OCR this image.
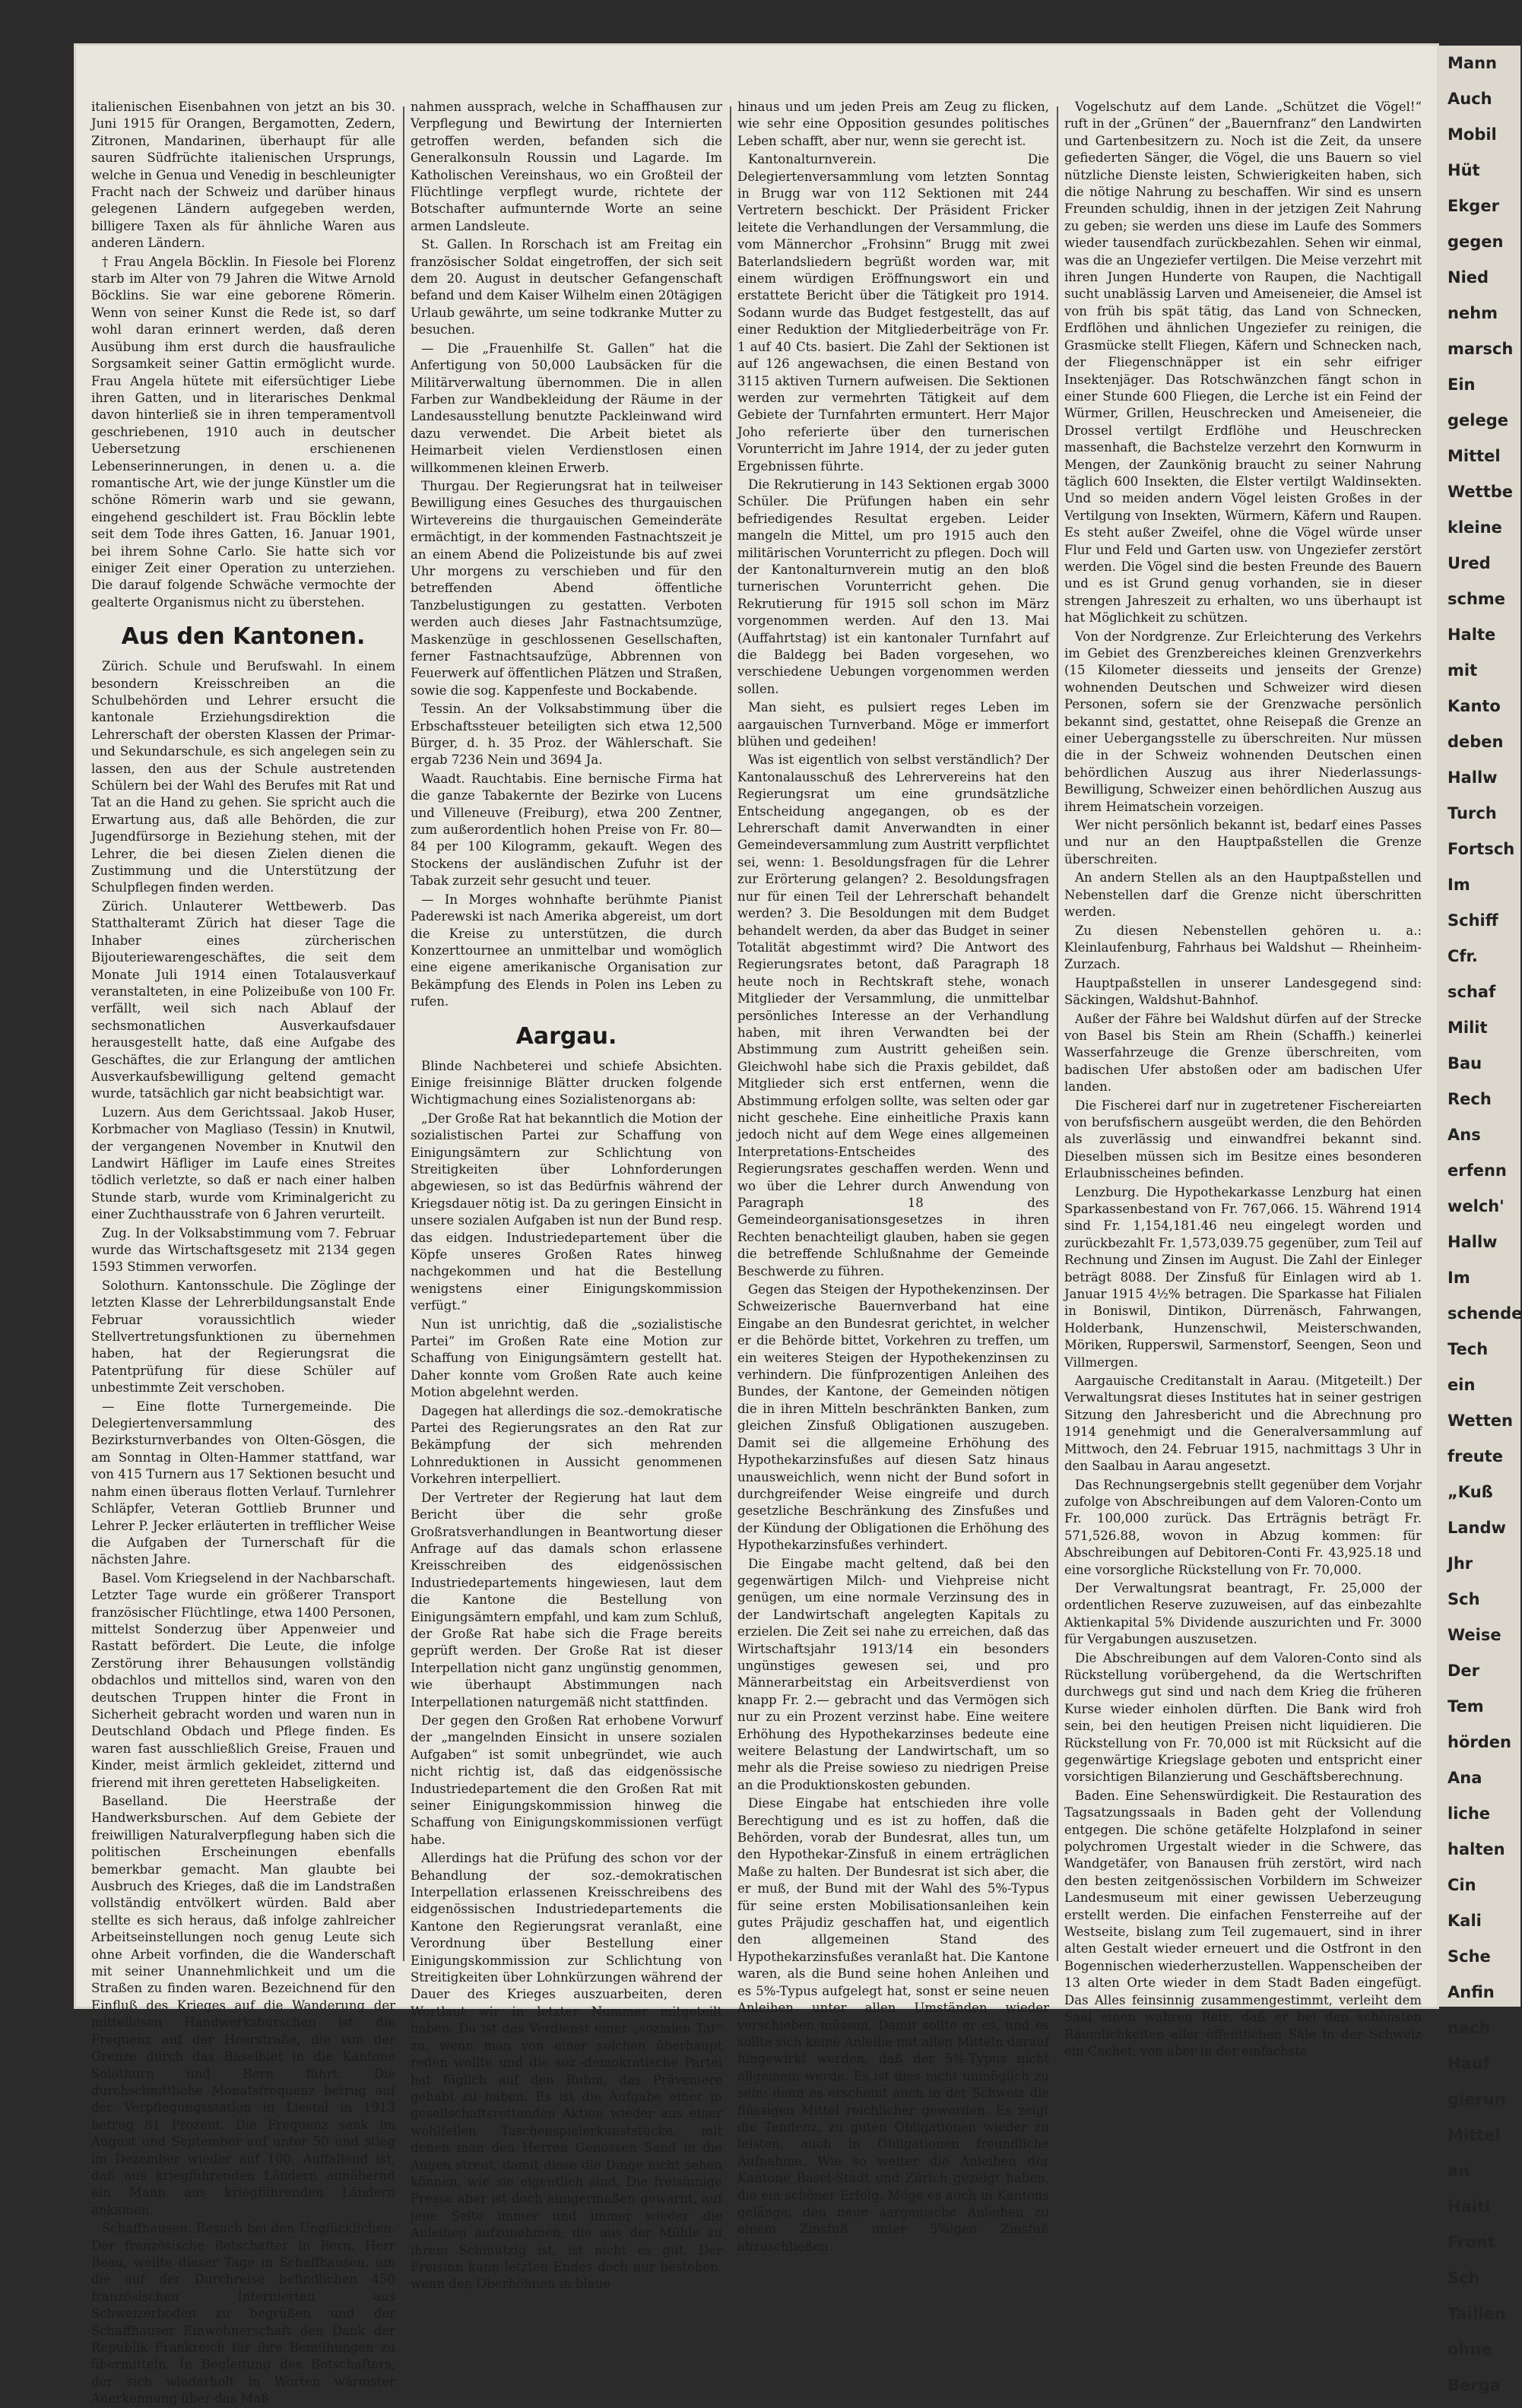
italienischen Eisenbahnen von jetzt an bis 30. Juni 1915 für Orangen, Bergamotten, Zedern, Zitronen, Mandarinen, überhaupt für alle sauren Südfrüchte italienischen Ursprungs, welche in Genua und Venedig in beschleunigter Fracht nach der Schweiz und darüber hinaus gelegenen Ländern aufgegeben werden, billigere Taxen als für ähnliche Waren aus anderen Ländern.

† Frau Angela Böcklin. In Fiesole bei Florenz starb im Alter von 79 Jahren die Witwe Arnold Böcklins. Sie war eine geborene Römerin. Wenn von seiner Kunst die Rede ist, so darf wohl daran erinnert werden, daß deren Ausübung ihm erst durch die hausfrauliche Sorgsamkeit seiner Gattin ermöglicht wurde. Frau Angela hütete mit eifersüchtiger Liebe ihren Gatten, und in literarisches Denkmal davon hinterließ sie in ihren temperamentvoll geschriebenen, 1910 auch in deutscher Uebersetzung erschienenen Lebenserinnerungen, in denen u. a. die romantische Art, wie der junge Künstler um die schöne Römerin warb und sie gewann, eingehend geschildert ist. Frau Böcklin lebte seit dem Tode ihres Gatten, 16. Januar 1901, bei ihrem Sohne Carlo. Sie hatte sich vor einiger Zeit einer Operation zu unterziehen. Die darauf folgende Schwäche vermochte der gealterte Organismus nicht zu überstehen.

Aus den Kantonen.

Zürich. Schule und Berufswahl. In einem besondern Kreisschreiben an die Schulbehörden und Lehrer ersucht die kantonale Erziehungsdirektion die Lehrerschaft der obersten Klassen der Primar- und Sekundarschule, es sich angelegen sein zu lassen, den aus der Schule austretenden Schülern bei der Wahl des Berufes mit Rat und Tat an die Hand zu gehen. Sie spricht auch die Erwartung aus, daß alle Behörden, die zur Jugendfürsorge in Beziehung stehen, mit der Lehrer, die bei diesen Zielen dienen die Zustimmung und die Unterstützung der Schulpflegen finden werden.

Zürich. Unlauterer Wettbewerb. Das Statthalteramt Zürich hat dieser Tage die Inhaber eines zürcherischen Bijouteriewarengeschäftes, die seit dem Monate Juli 1914 einen Totalausverkauf veranstalteten, in eine Polizeibuße von 100 Fr. verfällt, weil sich nach Ablauf der sechsmonatlichen Ausverkaufsdauer herausgestellt hatte, daß eine Aufgabe des Geschäftes, die zur Erlangung der amtlichen Ausverkaufsbewilligung geltend gemacht wurde, tatsächlich gar nicht beabsichtigt war.

Luzern. Aus dem Gerichtssaal. Jakob Huser, Korbmacher von Magliaso (Tessin) in Knutwil, der vergangenen November in Knutwil den Landwirt Häfliger im Laufe eines Streites tödlich verletzte, so daß er nach einer halben Stunde starb, wurde vom Kriminalgericht zu einer Zuchthausstrafe von 6 Jahren verurteilt.

Zug. In der Volksabstimmung vom 7. Februar wurde das Wirtschaftsgesetz mit 2134 gegen 1593 Stimmen verworfen.

Solothurn. Kantonsschule. Die Zöglinge der letzten Klasse der Lehrerbildungsanstalt Ende Februar voraussichtlich wieder Stellvertretungsfunktionen zu übernehmen haben, hat der Regierungsrat die Patentprüfung für diese Schüler auf unbestimmte Zeit verschoben.

— Eine flotte Turnergemeinde. Die Delegiertenversammlung des Bezirksturnverbandes von Olten-Gösgen, die am Sonntag in Olten-Hammer stattfand, war von 415 Turnern aus 17 Sektionen besucht und nahm einen überaus flotten Verlauf. Turnlehrer Schläpfer, Veteran Gottlieb Brunner und Lehrer P. Jecker erläuterten in trefflicher Weise die Aufgaben der Turnerschaft für die nächsten Jahre.

Basel. Vom Kriegselend in der Nachbarschaft. Letzter Tage wurde ein größerer Transport französischer Flüchtlinge, etwa 1400 Personen, mittelst Sonderzug über Appenweier und Rastatt befördert. Die Leute, die infolge Zerstörung ihrer Behausungen vollständig obdachlos und mittellos sind, waren von den deutschen Truppen hinter die Front in Sicherheit gebracht worden und waren nun in Deutschland Obdach und Pflege finden. Es waren fast ausschließlich Greise, Frauen und Kinder, meist ärmlich gekleidet, zitternd und frierend mit ihren geretteten Habseligkeiten.

Baselland. Die Heerstraße der Handwerksburschen. Auf dem Gebiete der freiwilligen Naturalverpflegung haben sich die politischen Erscheinungen ebenfalls bemerkbar gemacht. Man glaubte bei Ausbruch des Krieges, daß die im Landstraßen vollständig entvölkert würden. Bald aber stellte es sich heraus, daß infolge zahlreicher Arbeitseinstellungen noch genug Leute sich ohne Arbeit vorfinden, die die Wanderschaft mit seiner Unannehmlichkeit und um die Straßen zu finden waren. Bezeichnend für den Einfluß des Krieges auf die Wanderung der mittellosen Handwerksburschen ist die Frequenz auf der Heerstraße, die von der Grenze durch das Baselbiet in die Kantone Solothurn und Bern führt. Die durchschnittliche Monatsfrequenz betrug auf der Verpflegungsstation in Liestal in 1913 betrug 81 Prozent. Die Frequenz sank im August und September auf unter 50 und stieg im Dezember wieder auf 100. Auffallend ist, daß aus kriegführenden Ländern annähernd ein Mann aus kriegführenden Ländern ankamen.

Schaffhausen. Besuch bei den Unglücklichen. Der französische Botschafter in Bern, Herr Beau, weilte dieser Tage in Schaffhausen, um die auf der Durchreise befindlichen 450 französischen Internierten aus Schweizerboden zu begrüßen und der Schaffhauser Einwohnerschaft den Dank der Republik Frankreich für ihre Bemühungen zu übermitteln. In Begleitung des Botschafters, der sich wiederholt in Worten wärmster Anerkennung über das Maß

nahmen aussprach, welche in Schaffhausen zur Verpflegung und Bewirtung der Internierten getroffen werden, befanden sich die Generalkonsuln Roussin und Lagarde. Im Katholischen Vereinshaus, wo ein Großteil der Flüchtlinge verpflegt wurde, richtete der Botschafter aufmunternde Worte an seine armen Landsleute.

St. Gallen. In Rorschach ist am Freitag ein französischer Soldat eingetroffen, der sich seit dem 20. August in deutscher Gefangenschaft befand und dem Kaiser Wilhelm einen 20tägigen Urlaub gewährte, um seine todkranke Mutter zu besuchen.

— Die „Frauenhilfe St. Gallen“ hat die Anfertigung von 50,000 Laubsäcken für die Militärverwaltung übernommen. Die in allen Farben zur Wandbekleidung der Räume in der Landesausstellung benutzte Packleinwand wird dazu verwendet. Die Arbeit bietet als Heimarbeit vielen Verdienstlosen einen willkommenen kleinen Erwerb.

Thurgau. Der Regierungsrat hat in teilweiser Bewilligung eines Gesuches des thurgauischen Wirtevereins die thurgauischen Gemeinderäte ermächtigt, in der kommenden Fastnachtszeit je an einem Abend die Polizeistunde bis auf zwei Uhr morgens zu verschieben und für den betreffenden Abend öffentliche Tanzbelustigungen zu gestatten. Verboten werden auch dieses Jahr Fastnachtsumzüge, Maskenzüge in geschlossenen Gesellschaften, ferner Fastnachtsaufzüge, Abbrennen von Feuerwerk auf öffentlichen Plätzen und Straßen, sowie die sog. Kappenfeste und Bockabende.

Tessin. An der Volksabstimmung über die Erbschaftssteuer beteiligten sich etwa 12,500 Bürger, d. h. 35 Proz. der Wählerschaft. Sie ergab 7236 Nein und 3694 Ja.

Waadt. Rauchtabis. Eine bernische Firma hat die ganze Tabakernte der Bezirke von Lucens und Villeneuve (Freiburg), etwa 200 Zentner, zum außerordentlich hohen Preise von Fr. 80—84 per 100 Kilogramm, gekauft. Wegen des Stockens der ausländischen Zufuhr ist der Tabak zurzeit sehr gesucht und teuer.

— In Morges wohnhafte berühmte Pianist Paderewski ist nach Amerika abgereist, um dort die Kreise zu unterstützen, die durch Konzerttournee an unmittelbar und womöglich eine eigene amerikanische Organisation zur Bekämpfung des Elends in Polen ins Leben zu rufen.

Aargau.

Blinde Nachbeterei und schiefe Absichten. Einige freisinnige Blätter drucken folgende Wichtigmachung eines Sozialistenorgans ab:

„Der Große Rat hat bekanntlich die Motion der sozialistischen Partei zur Schaffung von Einigungsämtern zur Schlichtung von Streitigkeiten über Lohnforderungen abgewiesen, so ist das Bedürfnis während der Kriegsdauer nötig ist. Da zu geringen Einsicht in unsere sozialen Aufgaben ist nun der Bund resp. das eidgen. Industriedepartement über die Köpfe unseres Großen Rates hinweg nachgekommen und hat die Bestellung wenigstens einer Einigungskommission verfügt.“

Nun ist unrichtig, daß die „sozialistische Partei“ im Großen Rate eine Motion zur Schaffung von Einigungsämtern gestellt hat. Daher konnte vom Großen Rate auch keine Motion abgelehnt werden.

Dagegen hat allerdings die soz.-demokratische Partei des Regierungsrates an den Rat zur Bekämpfung der sich mehrenden Lohnreduktionen in Aussicht genommenen Vorkehren interpelliert.

Der Vertreter der Regierung hat laut dem Bericht über die sehr große Großratsverhandlungen in Beantwortung dieser Anfrage auf das damals schon erlassene Kreisschreiben des eidgenössischen Industriedepartements hingewiesen, laut dem die Kantone die Bestellung von Einigungsämtern empfahl, und kam zum Schluß, der Große Rat habe sich die Frage bereits geprüft werden. Der Große Rat ist dieser Interpellation nicht ganz ungünstig genommen, wie überhaupt Abstimmungen nach Interpellationen naturgemäß nicht stattfinden.

Der gegen den Großen Rat erhobene Vorwurf der „mangelnden Einsicht in unsere sozialen Aufgaben“ ist somit unbegründet, wie auch nicht richtig ist, daß das eidgenössische Industriedepartement die den Großen Rat mit seiner Einigungskommission hinweg die Schaffung von Einigungskommissionen verfügt habe.

Allerdings hat die Prüfung des schon vor der Behandlung der soz.-demokratischen Interpellation erlassenen Kreisschreibens des eidgenössischen Industriedepartements die Kantone den Regierungsrat veranlaßt, eine Verordnung über Bestellung einer Einigungskommission zur Schlichtung von Streitigkeiten über Lohnkürzungen während der Dauer des Krieges auszuarbeiten, deren Wortlaut wir in letzter Nummer mitgeteilt haben. Da ist das Verdienst einer „sozialen Tat“ zu, wenn man von einer solchen überhaupt reden wollte und die soz.-demokratische Partei hat füglich auf den Ruhm, das Präveniere gehabt zu haben. Es ist die Aufgabe einer in gesellschaftsrettenden Aktion wieder aus einer wohlfeilen Taschenspielerkunststücke, mit denen man den Herren Genossen Sand in die Augen streut, damit diese die Dinge nicht sehen können, wie sie eigentlich sind. Die freisinnige Presse aber ist doch einigermaßen gewarnt, auf jene Seite immer und immer wieder die Anleihen aufzunehmen, die aus der Mühle zu ihrem Schmutzig ist, ist nicht es gut. Der Freisinn kann letzten Endes doch nur bestehen, wenn den Oberhöhnen in blaue

hinaus und um jeden Preis am Zeug zu flicken, wie sehr eine Opposition gesundes politisches Leben schafft, aber nur, wenn sie gerecht ist.

Kantonalturnverein. Die Delegiertenversammlung vom letzten Sonntag in Brugg war von 112 Sektionen mit 244 Vertretern beschickt. Der Präsident Fricker leitete die Verhandlungen der Versammlung, die vom Männerchor „Frohsinn“ Brugg mit zwei Baterlandsliedern begrüßt worden war, mit einem würdigen Eröffnungswort ein und erstattete Bericht über die Tätigkeit pro 1914. Sodann wurde das Budget festgestellt, das auf einer Reduktion der Mitgliederbeiträge von Fr. 1 auf 40 Cts. basiert. Die Zahl der Sektionen ist auf 126 angewachsen, die einen Bestand von 3115 aktiven Turnern aufweisen. Die Sektionen werden zur vermehrten Tätigkeit auf dem Gebiete der Turnfahrten ermuntert. Herr Major Joho referierte über den turnerischen Vorunterricht im Jahre 1914, der zu jeder guten Ergebnissen führte.

Die Rekrutierung in 143 Sektionen ergab 3000 Schüler. Die Prüfungen haben ein sehr befriedigendes Resultat ergeben. Leider mangeln die Mittel, um pro 1915 auch den militärischen Vorunterricht zu pflegen. Doch will der Kantonalturnverein mutig an den bloß turnerischen Vorunterricht gehen. Die Rekrutierung für 1915 soll schon im März vorgenommen werden. Auf den 13. Mai (Auffahrtstag) ist ein kantonaler Turnfahrt auf die Baldegg bei Baden vorgesehen, wo verschiedene Uebungen vorgenommen werden sollen.

Man sieht, es pulsiert reges Leben im aargauischen Turnverband. Möge er immerfort blühen und gedeihen!

Was ist eigentlich von selbst verständlich? Der Kantonalausschuß des Lehrervereins hat den Regierungsrat um eine grundsätzliche Entscheidung angegangen, ob es der Lehrerschaft damit Anverwandten in einer Gemeindeversammlung zum Austritt verpflichtet sei, wenn: 1. Besoldungsfragen für die Lehrer zur Erörterung gelangen? 2. Besoldungsfragen nur für einen Teil der Lehrerschaft behandelt werden? 3. Die Besoldungen mit dem Budget behandelt werden, da aber das Budget in seiner Totalität abgestimmt wird? Die Antwort des Regierungsrates betont, daß Paragraph 18 heute noch in Rechtskraft stehe, wonach Mitglieder der Versammlung, die unmittelbar persönliches Interesse an der Verhandlung haben, mit ihren Verwandten bei der Abstimmung zum Austritt geheißen sein. Gleichwohl habe sich die Praxis gebildet, daß Mitglieder sich erst entfernen, wenn die Abstimmung erfolgen sollte, was selten oder gar nicht geschehe. Eine einheitliche Praxis kann jedoch nicht auf dem Wege eines allgemeinen Interpretations-Entscheides des Regierungsrates geschaffen werden. Wenn und wo über die Lehrer durch Anwendung von Paragraph 18 des Gemeindeorganisationsgesetzes in ihren Rechten benachteiligt glauben, haben sie gegen die betreffende Schlußnahme der Gemeinde Beschwerde zu führen.

Gegen das Steigen der Hypothekenzinsen. Der Schweizerische Bauernverband hat eine Eingabe an den Bundesrat gerichtet, in welcher er die Behörde bittet, Vorkehren zu treffen, um ein weiteres Steigen der Hypothekenzinsen zu verhindern. Die fünfprozentigen Anleihen des Bundes, der Kantone, der Gemeinden nötigen die in ihren Mitteln beschränkten Banken, zum gleichen Zinsfuß Obligationen auszugeben. Damit sei die allgemeine Erhöhung des Hypothekarzinsfußes auf diesen Satz hinaus unausweichlich, wenn nicht der Bund sofort in durchgreifender Weise eingreife und durch gesetzliche Beschränkung des Zinsfußes und der Kündung der Obligationen die Erhöhung des Hypothekarzinsfußes verhindert.

Die Eingabe macht geltend, daß bei den gegenwärtigen Milch- und Viehpreise nicht genügen, um eine normale Verzinsung des in der Landwirtschaft angelegten Kapitals zu erzielen. Die Zeit sei nahe zu erreichen, daß das Wirtschaftsjahr 1913/14 ein besonders ungünstiges gewesen sei, und pro Männerarbeitstag ein Arbeitsverdienst von knapp Fr. 2.— gebracht und das Vermögen sich nur zu ein Prozent verzinst habe. Eine weitere Erhöhung des Hypothekarzinses bedeute eine weitere Belastung der Landwirtschaft, um so mehr als die Preise sowieso zu niedrigen Preise an die Produktionskosten gebunden.

Diese Eingabe hat entschieden ihre volle Berechtigung und es ist zu hoffen, daß die Behörden, vorab der Bundesrat, alles tun, um den Hypothekar-Zinsfuß in einem erträglichen Maße zu halten. Der Bundesrat ist sich aber, die er muß, der Bund mit der Wahl des 5%-Typus für seine ersten Mobilisationsanleihen kein gutes Präjudiz geschaffen hat, und eigentlich den allgemeinen Stand des Hypothekarzinsfußes veranlaßt hat. Die Kantone waren, als die Bund seine hohen Anleihen und es 5%-Typus aufgelegt hat, sonst er seine neuen Anleihen unter allen Umständen wieder verschieben müssen. Damit sollte er es, und es sollte sich keine Anleihe mit allen Mitteln darauf hingewirkt werden, daß der 5%-Typus nicht allgemein werde. Es ist dies nicht unmöglich zu sein; denn es erscheint auch in der Schweiz die flüssigen Mittel reichlicher geworden. Es zeigt die Tendenz, zu guten Obligationen wieder zu leisten, auch in Obligationen freundliche Aufnahme. Wie so weiter die Anleihen der Kantone Basel-Stadt und Zürich gezeigt haben, die ein schöner Erfolg. Möge es auch in Kantons gelänge, den neue aargauische Anleihen zu einem Zinsfuß unter 5%igen Zinsfuß abzuschließen.

Vogelschutz auf dem Lande. „Schützet die Vögel!“ ruft in der „Grünen“ der „Bauernfranz“ den Landwirten und Gartenbesitzern zu. Noch ist die Zeit, da unsere gefiederten Sänger, die Vögel, die uns Bauern so viel nützliche Dienste leisten, Schwierigkeiten haben, sich die nötige Nahrung zu beschaffen. Wir sind es unsern Freunden schuldig, ihnen in der jetzigen Zeit Nahrung zu geben; sie werden uns diese im Laufe des Sommers wieder tausendfach zurückbezahlen. Sehen wir einmal, was die an Ungeziefer vertilgen. Die Meise verzehrt mit ihren Jungen Hunderte von Raupen, die Nachtigall sucht unablässig Larven und Ameiseneier, die Amsel ist von früh bis spät tätig, das Land von Schnecken, Erdflöhen und ähnlichen Ungeziefer zu reinigen, die Grasmücke stellt Fliegen, Käfern und Schnecken nach, der Fliegenschnäpper ist ein sehr eifriger Insektenjäger. Das Rotschwänzchen fängt schon in einer Stunde 600 Fliegen, die Lerche ist ein Feind der Würmer, Grillen, Heuschrecken und Ameiseneier, die Drossel vertilgt Erdflöhe und Heuschrecken massenhaft, die Bachstelze verzehrt den Kornwurm in Mengen, der Zaunkönig braucht zu seiner Nahrung täglich 600 Insekten, die Elster vertilgt Waldinsekten. Und so meiden andern Vögel leisten Großes in der Vertilgung von Insekten, Würmern, Käfern und Raupen. Es steht außer Zweifel, ohne die Vögel würde unser Flur und Feld und Garten usw. von Ungeziefer zerstört werden. Die Vögel sind die besten Freunde des Bauern und es ist Grund genug vorhanden, sie in dieser strengen Jahreszeit zu erhalten, wo uns überhaupt ist hat Möglichkeit zu schützen.

Von der Nordgrenze. Zur Erleichterung des Verkehrs im Gebiet des Grenzbereiches kleinen Grenzverkehrs (15 Kilometer diesseits und jenseits der Grenze) wohnenden Deutschen und Schweizer wird diesen Personen, sofern sie der Grenzwache persönlich bekannt sind, gestattet, ohne Reisepaß die Grenze an einer Uebergangsstelle zu überschreiten. Nur müssen die in der Schweiz wohnenden Deutschen einen behördlichen Auszug aus ihrer Niederlassungs-Bewilligung, Schweizer einen behördlichen Auszug aus ihrem Heimatschein vorzeigen.

Wer nicht persönlich bekannt ist, bedarf eines Passes und nur an den Hauptpaßstellen die Grenze überschreiten.

An andern Stellen als an den Hauptpaßstellen und Nebenstellen darf die Grenze nicht überschritten werden.

Zu diesen Nebenstellen gehören u. a.: Kleinlaufenburg, Fahrhaus bei Waldshut — Rheinheim-Zurzach.

Hauptpaßstellen in unserer Landesgegend sind: Säckingen, Waldshut-Bahnhof.

Außer der Fähre bei Waldshut dürfen auf der Strecke von Basel bis Stein am Rhein (Schaffh.) keinerlei Wasserfahrzeuge die Grenze überschreiten, vom badischen Ufer abstoßen oder am badischen Ufer landen.

Die Fischerei darf nur in zugetretener Fischereiarten von berufsfischern ausgeübt werden, die den Behörden als zuverlässig und einwandfrei bekannt sind. Dieselben müssen sich im Besitze eines besonderen Erlaubnisscheines befinden.

Lenzburg. Die Hypothekarkasse Lenzburg hat einen Sparkassenbestand von Fr. 767,066. 15. Während 1914 sind Fr. 1,154,181.46 neu eingelegt worden und zurückbezahlt Fr. 1,573,039.75 gegenüber, zum Teil auf Rechnung und Zinsen im August. Die Zahl der Einleger beträgt 8088. Der Zinsfuß für Einlagen wird ab 1. Januar 1915 4½% betragen. Die Sparkasse hat Filialen in Boniswil, Dintikon, Dürrenäsch, Fahrwangen, Holderbank, Hunzenschwil, Meisterschwanden, Möriken, Rupperswil, Sarmenstorf, Seengen, Seon und Villmergen.

Aargauische Creditanstalt in Aarau. (Mitgeteilt.) Der Verwaltungsrat dieses Institutes hat in seiner gestrigen Sitzung den Jahresbericht und die Abrechnung pro 1914 genehmigt und die Generalversammlung auf Mittwoch, den 24. Februar 1915, nachmittags 3 Uhr in den Saalbau in Aarau angesetzt.

Das Rechnungsergebnis stellt gegenüber dem Vorjahr zufolge von Abschreibungen auf dem Valoren-Conto um Fr. 100,000 zurück. Das Erträgnis beträgt Fr. 571,526.88, wovon in Abzug kommen: für Abschreibungen auf Debitoren-Conti Fr. 43,925.18 und eine vorsorgliche Rückstellung von Fr. 70,000.

Der Verwaltungsrat beantragt, Fr. 25,000 der ordentlichen Reserve zuzuweisen, auf das einbezahlte Aktienkapital 5% Dividende auszurichten und Fr. 3000 für Vergabungen auszusetzen.

Die Abschreibungen auf dem Valoren-Conto sind als Rückstellung vorübergehend, da die Wertschriften durchwegs gut sind und nach dem Krieg die früheren Kurse wieder einholen dürften. Die Bank wird froh sein, bei den heutigen Preisen nicht liquidieren. Die Rückstellung von Fr. 70,000 ist mit Rücksicht auf die gegenwärtige Kriegslage geboten und entspricht einer vorsichtigen Bilanzierung und Geschäftsberechnung.

Baden. Eine Sehenswürdigkeit. Die Restauration des Tagsatzungssaals in Baden geht der Vollendung entgegen. Die schöne getäfelte Holzplafond in seiner polychromen Urgestalt wieder in die Schwere, das Wandgetäfer, von Banausen früh zerstört, wird nach den besten zeitgenössischen Vorbildern im Schweizer Landesmuseum mit einer gewissen Ueberzeugung erstellt werden. Die einfachen Fensterreihe auf der Westseite, bislang zum Teil zugemauert, sind in ihrer alten Gestalt wieder erneuert und die Ostfront in den Bogennischen wiederherzustellen. Wappenscheiben der 13 alten Orte wieder in dem Stadt Baden eingefügt. Das Alles feinsinnig zusammengestimmt, verleiht dem Saal einen wahren Reiz, daß er bei den schönsten Räumlichkeiten aller öffentlichen Säle in der Schweiz ein Cachet, von aber in der einfachste

Mann
Auch
Mobil
Hüt
Ekger
gegen
Nied
nehm
marsch
Ein
gelege
Mittel
Wettbe
kleine
Ured
schme
Halte
mit
Kanto
deben
Hallw
Turch
Fortsch
Im
Schiff
Cfr.
schaf
Milit
Bau
Rech
Ans
erfenn
welch'
Hallw
Im
schende
Tech
ein
Wetten
freute
„Kuß
Landw
Jhr
Sch
Weise
Der
Tem
hörden
Ana
liche
halten
Cin
Kali
Sche
Anfin
nach
Hauf
gierun
Mittel
an
Haiti
Front
Sch
Taillen
ohne
Berga
